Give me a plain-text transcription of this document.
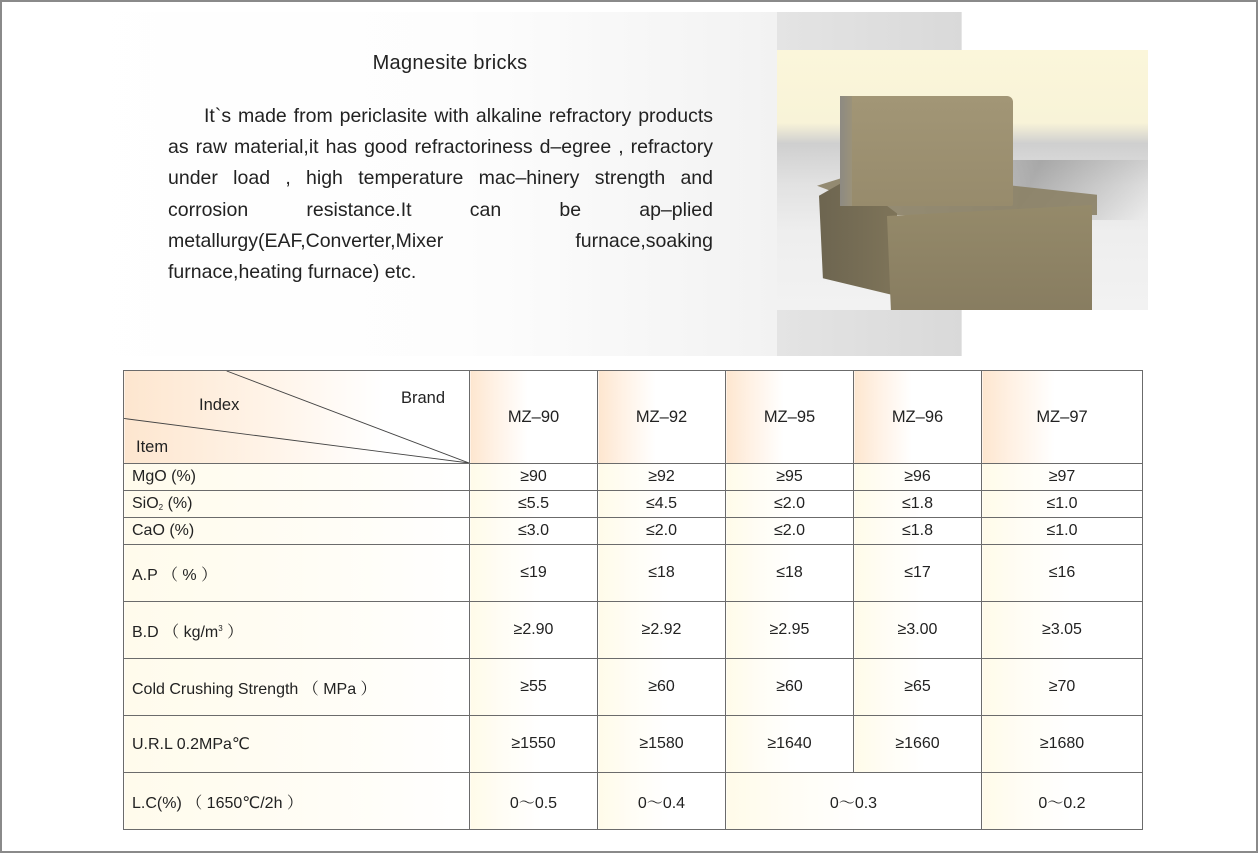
Magnesite bricks
It`s made from periclasite with alkaline refractory products as raw material,it has good refractoriness d–egree , refractory under load , high temperature mac–hinery strength and corrosion resistance.It can be ap–plied metallurgy(EAF,Converter,Mixer furnace,soaking furnace,heating furnace) etc.
Brand
Index
Item	MZ–90	MZ–92	MZ–95	MZ–96	MZ–97
MgO (%)	≥90	≥92	≥95	≥96	≥97
SiO$_2$ (%)	≤5.5	≤4.5	≤2.0	≤1.8	≤1.0
CaO (%)	≤3.0	≤2.0	≤2.0	≤1.8	≤1.0
A.P （ % ）	≤19	≤18	≤18	≤17	≤16
B.D （ $kg/m^3$ ）	≥2.90	≥2.92	≥2.95	≥3.00	≥3.05
Cold Crushing Strength （ MPa ）	≥55	≥60	≥60	≥65	≥70
U.R.L 0.2MPa℃	≥1550	≥1580	≥1640	≥1660	≥1680
L.C(%) （ 1650℃/2h ）	0～0.5	0～0.4	0～0.3		0～0.2
